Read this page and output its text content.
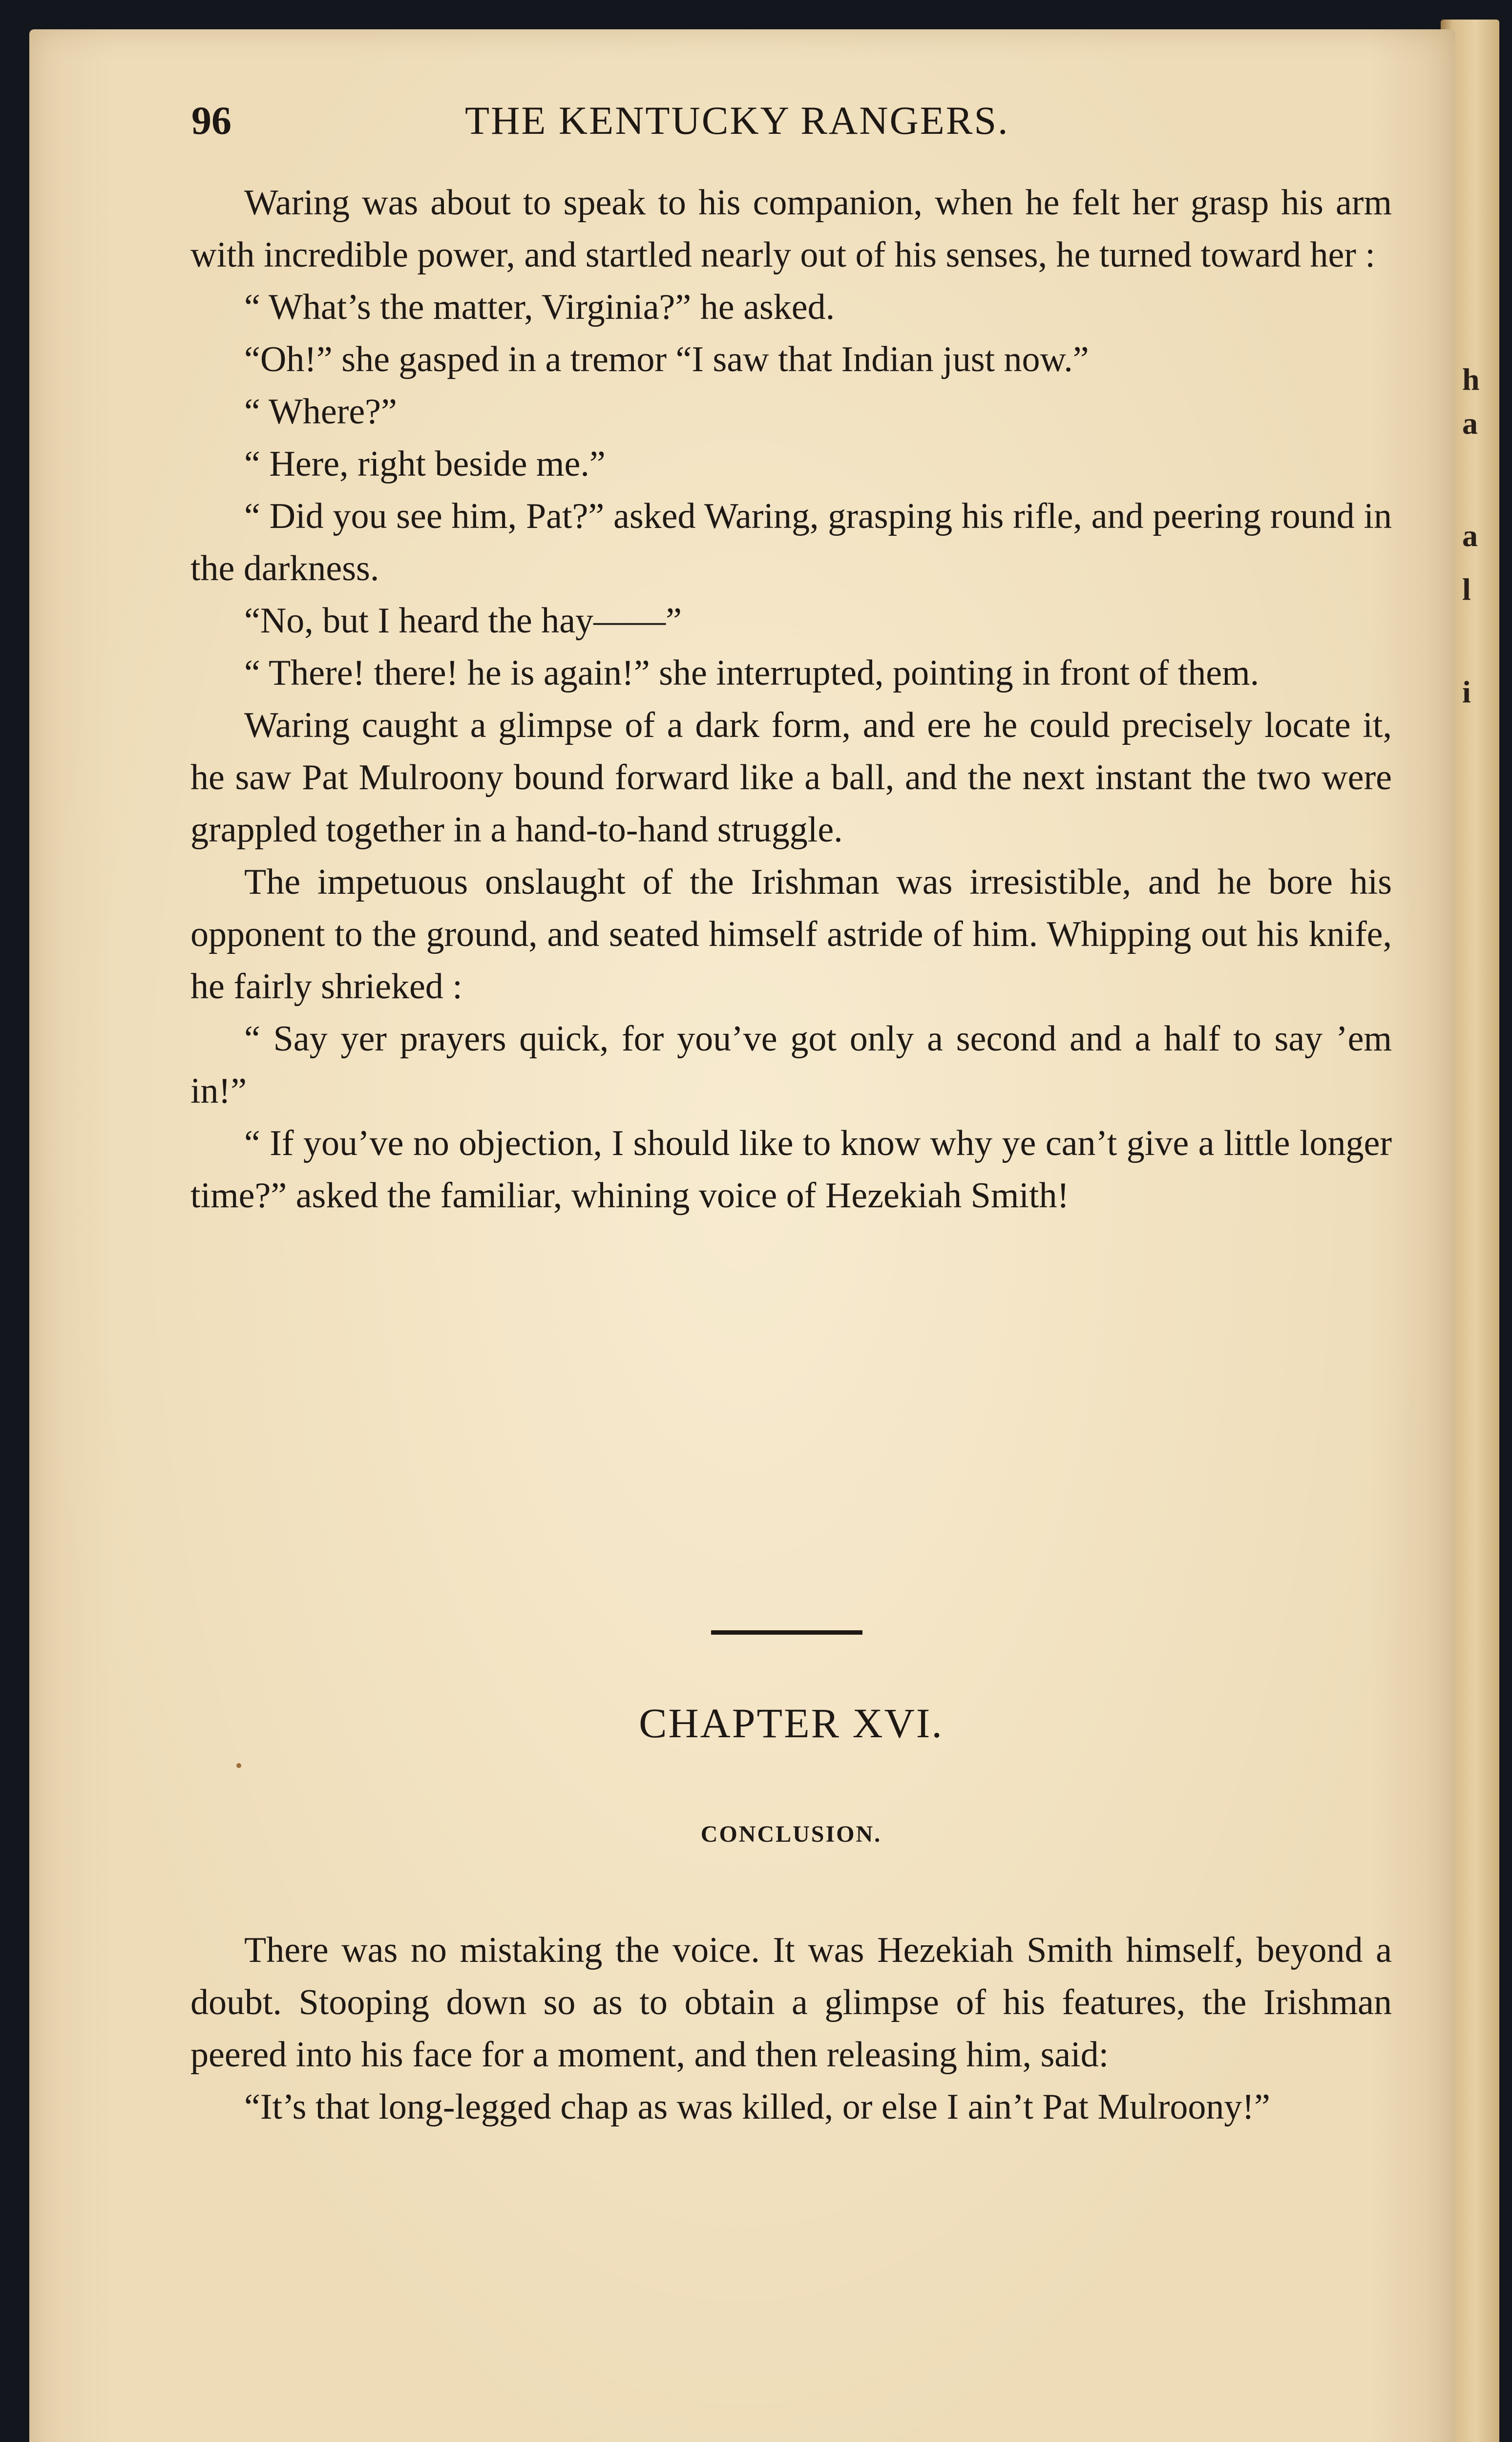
h
a
a
l
i
96	THE KENTUCKY RANGERS.

Waring was about to speak to his companion, when he felt her grasp his arm with incredible power, and startled nearly out of his senses, he turned toward her :

“ What’s the matter, Virginia?” he asked.

“Oh!” she gasped in a tremor “I saw that Indian just now.”

“ Where?”

“ Here, right beside me.”

“ Did you see him, Pat?” asked Waring, grasping his rifle, and peering round in the darkness.

“No, but I heard the hay——”

“ There! there! he is again!” she interrupted, pointing in front of them.

Waring caught a glimpse of a dark form, and ere he could precisely locate it, he saw Pat Mulroony bound forward like a ball, and the next instant the two were grappled together in a hand-to-hand struggle.

The impetuous onslaught of the Irishman was irresistible, and he bore his opponent to the ground, and seated himself astride of him. Whipping out his knife, he fairly shrieked :

“ Say yer prayers quick, for you’ve got only a second and a half to say ’em in!”

“ If you’ve no objection, I should like to know why ye can’t give a little longer time?” asked the familiar, whining voice of Hezekiah Smith!

CHAPTER XVI.
CONCLUSION.

There was no mistaking the voice. It was Hezekiah Smith himself, beyond a doubt. Stooping down so as to obtain a glimpse of his features, the Irishman peered into his face for a moment, and then releasing him, said:

“It’s that long-legged chap as was killed, or else I ain’t Pat Mulroony!”
